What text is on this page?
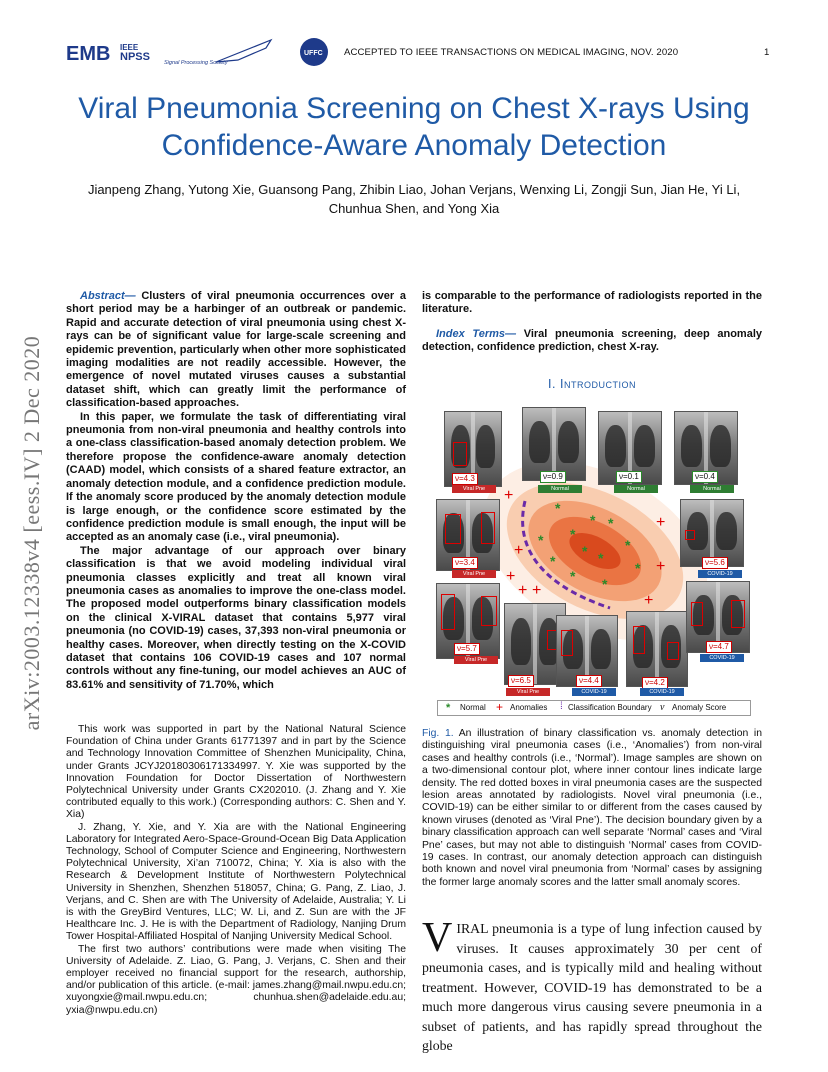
EMB IEEE
NPSS	Signal Processing Society
UFFC ACCEPTED TO IEEE TRANSACTIONS ON MEDICAL IMAGING, NOV. 2020	1
Viral Pneumonia Screening on Chest X-rays Using Confidence-Aware Anomaly Detection
Jianpeng Zhang, Yutong Xie, Guansong Pang, Zhibin Liao, Johan Verjans, Wenxing Li, Zongji Sun, Jian He, Yi Li, Chunhua Shen, and Yong Xia
arXiv:2003.12338v4 [eess.IV] 2 Dec 2020

Abstract— Clusters of viral pneumonia occurrences over a short period may be a harbinger of an outbreak or pandemic. Rapid and accurate detection of viral pneumonia using chest X-rays can be of significant value for large-scale screening and epidemic prevention, particularly when other more sophisticated imaging modalities are not readily accessible. However, the emergence of novel mutated viruses causes a substantial dataset shift, which can greatly limit the performance of classification-based approaches.

In this paper, we formulate the task of differentiating viral pneumonia from non-viral pneumonia and healthy controls into a one-class classification-based anomaly detection problem. We therefore propose the confidence-aware anomaly detection (CAAD) model, which consists of a shared feature extractor, an anomaly detection module, and a confidence prediction module. If the anomaly score produced by the anomaly detection module is large enough, or the confidence score estimated by the confidence prediction module is small enough, the input will be accepted as an anomaly case (i.e., viral pneumonia).

The major advantage of our approach over binary classification is that we avoid modeling individual viral pneumonia classes explicitly and treat all known viral pneumonia cases as anomalies to improve the one-class model. The proposed model outperforms binary classification models on the clinical X-VIRAL dataset that contains 5,977 viral pneumonia (no COVID-19) cases, 37,393 non-viral pneumonia or healthy cases. Moreover, when directly testing on the X-COVID dataset that contains 106 COVID-19 cases and 107 normal controls without any fine-tuning, our model achieves an AUC of 83.61% and sensitivity of 71.70%, which

is comparable to the performance of radiologists reported in the literature.

Index Terms— Viral pneumonia screening, deep anomaly detection, confidence prediction, chest X-ray.

I. Introduction
*
* *
*
*	*
* *
*	*
* *
+
+
+
+ +
+
+
+
ν=4.3
Viral Pne
ν=0.9
Normal
ν=0.1
Normal
ν=0.4
Normal
ν=3.4
Viral Pne
ν=5.6
COVID-19
ν=5.7
Viral Pne
ν=6.5
Viral Pne
ν=4.4
COVID-19
ν=4.2
COVID-19
ν=4.7
COVID-19
* Normal + Anomalies ⁞ Classification Boundary ν Anomaly Score
Fig. 1. An illustration of binary classification vs. anomaly detection in distinguishing viral pneumonia cases (i.e., ‘Anomalies’) from non-viral cases and healthy controls (i.e., ‘Normal’). Image samples are shown on a two-dimensional contour plot, where inner contour lines indicate large density. The red dotted boxes in viral pneumonia cases are the suspected lesion areas annotated by radiologists. Novel viral pneumonia (i.e., COVID-19) can be either similar to or different from the cases caused by known viruses (denoted as ‘Viral Pne’). The decision boundary given by a binary classification approach can well separate ‘Normal’ cases and ‘Viral Pne’ cases, but may not able to distinguish ‘Normal’ cases from COVID-19 cases. In contrast, our anomaly detection approach can distinguish both known and novel viral pneumonia from ‘Normal’ cases by assigning the former large anomaly scores and the latter small anomaly scores.

This work was supported in part by the National Natural Science Foundation of China under Grants 61771397 and in part by the Science and Technology Innovation Committee of Shenzhen Municipality, China, under Grants JCYJ20180306171334997. Y. Xie was supported by the Innovation Foundation for Doctor Dissertation of Northwestern Polytechnical University under Grants CX202010. (J. Zhang and Y. Xie contributed equally to this work.) (Corresponding authors: C. Shen and Y. Xia)

J. Zhang, Y. Xie, and Y. Xia are with the National Engineering Laboratory for Integrated Aero-Space-Ground-Ocean Big Data Application Technology, School of Computer Science and Engineering, Northwestern Polytechnical University, Xi’an 710072, China; Y. Xia is also with the Research & Development Institute of Northwestern Polytechnical University in Shenzhen, Shenzhen 518057, China; G. Pang, Z. Liao, J. Verjans, and C. Shen are with The University of Adelaide, Australia; Y. Li is with the GreyBird Ventures, LLC; W. Li, and Z. Sun are with the JF Healthcare Inc. J. He is with the Department of Radiology, Nanjing Drum Tower Hospital-Affiliated Hospital of Nanjing University Medical School.

The first two authors’ contributions were made when visiting The University of Adelaide. Z. Liao, G. Pang, J. Verjans, C. Shen and their employer received no financial support for the research, authorship, and/or publication of this article. (e-mail: james.zhang@mail.nwpu.edu.cn; xuyongxie@mail.nwpu.edu.cn; chunhua.shen@adelaide.edu.au; yxia@nwpu.edu.cn)

VIRAL pneumonia is a type of lung infection caused by viruses. It causes approximately 30 per cent of pneumonia cases, and is typically mild and healing without treatment. However, COVID-19 has demonstrated to be a much more dangerous virus causing severe pneumonia in a subset of patients, and has rapidly spread throughout the globe
